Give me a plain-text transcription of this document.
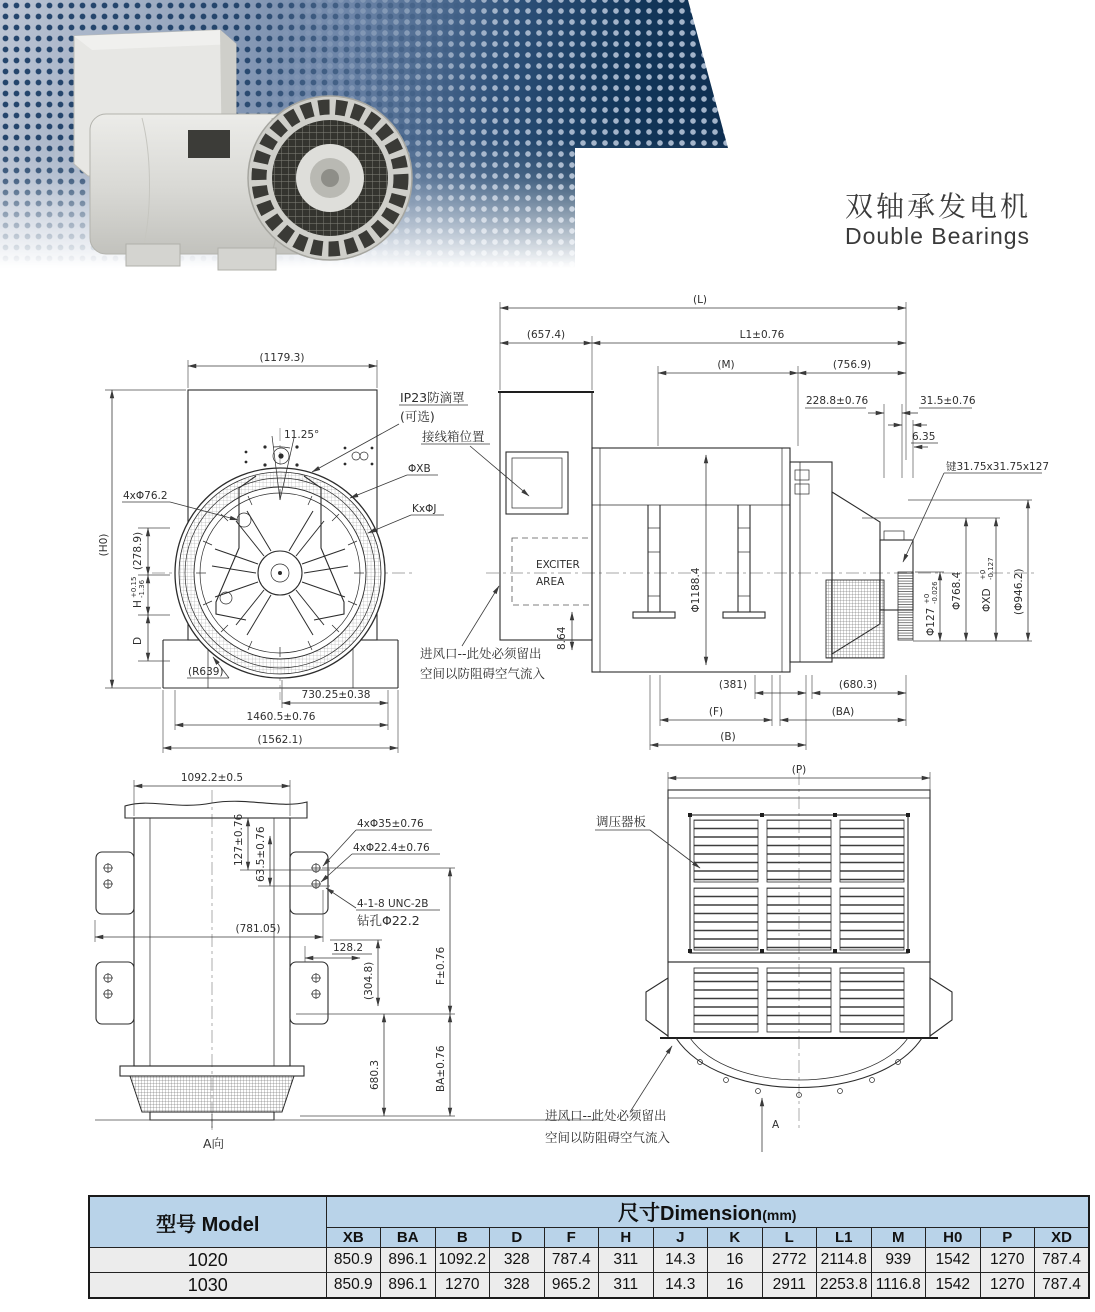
双轴承发电机
Double Bearings
11.25°
(1179.3)
(H0) (278.9)
H
+0.15 -1.36
D
IP23防滴罩
(可选)
接线箱位置
ΦXB
KxΦJ
4xΦ76.2
(R639)
730.25±0.38
1460.5±0.76
(1562.1)
EXCITER
AREA
进风口--此处必须留出
空间以防阻碍空气流入
Φ1188.4
8.64
(L)
(657.4)	L1±0.76
(M)	(756.9)
228.8±0.76	31.5±0.76
6.35
键31.75x31.75x127
Φ127
+0 -0.026 Φ768.4 ΦXD
+0 -0.127 (Φ946.2)
(381)	(680.3)
(F)	(BA)
(B)
1092.2±0.5
127±0.76 63.5±0.76
4xΦ35±0.76
4xΦ22.4±0.76
4-1-8 UNC-2B
钻孔Φ22.2
(781.05)
128.2
(304.8)	F±0.76
680.3	BA±0.76
A向
(P)
调压器板
进风口--此处必须留出
空间以防阻碍空气流入
A
型号 Model	尺寸Dimension(mm)													
	XB	BA	B	D	F	H	J	K	L	L1	M	H0	P	XD
1020	850.9	896.1	1092.2	328	787.4	311	14.3	16	2772	2114.8	939	1542	1270	787.4
1030	850.9	896.1	1270	328	965.2	311	14.3	16	2911	2253.8	1116.8	1542	1270	787.4
